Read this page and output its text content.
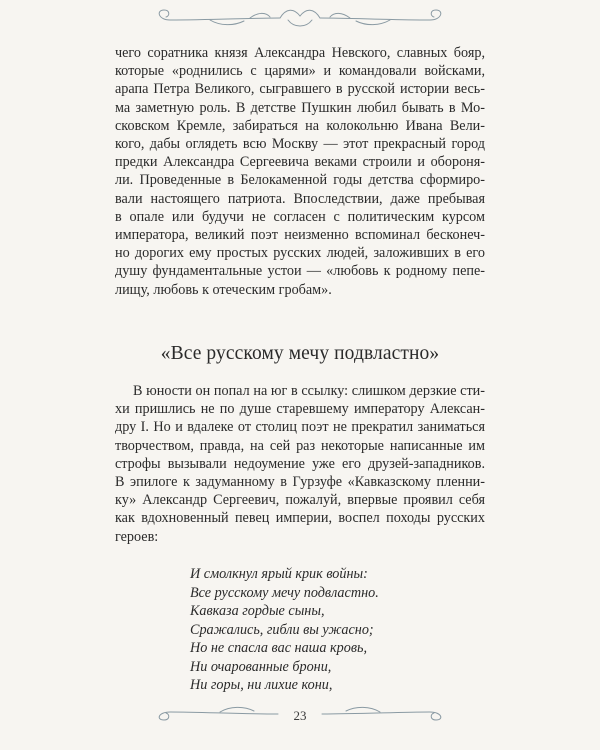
чего соратника князя Александра Невского, славных бояр,
которые «роднились с царями» и командовали войсками,
арапа Петра Великого, сыгравшего в русской истории весь-
ма заметную роль. В детстве Пушкин любил бывать в Мо-
сковском Кремле, забираться на колокольню Ивана Вели-
кого, дабы оглядеть всю Москву — этот прекрасный город
предки Александра Сергеевича веками строили и обороня-
ли. Проведенные в Белокаменной годы детства сформиро-
вали настоящего патриота. Впоследствии, даже пребывая
в опале или будучи не согласен с политическим курсом
императора, великий поэт неизменно вспоминал бесконеч-
но дорогих ему простых русских людей, заложивших в его
душу фундаментальные устои — «любовь к родному пепе-
лищу, любовь к отеческим гробам».
«Все русскому мечу подвластно»
В юности он попал на юг в ссылку: слишком дерзкие сти-
хи пришлись не по душе старевшему императору Алексан-
дру I. Но и вдалеке от столиц поэт не прекратил заниматься
творчеством, правда, на сей раз некоторые написанные им
строфы вызывали недоумение уже его друзей-западников.
В эпилоге к задуманному в Гурзуфе «Кавказскому пленни-
ку» Александр Сергеевич, пожалуй, впервые проявил себя
как вдохновенный певец империи, воспел походы русских
героев:
И смолкнул ярый крик войны:
Все русскому мечу подвластно.
Кавказа гордые сыны,
Сражались, гибли вы ужасно;
Но не спасла вас наша кровь,
Ни очарованные брони,
Ни горы, ни лихие кони,
23
